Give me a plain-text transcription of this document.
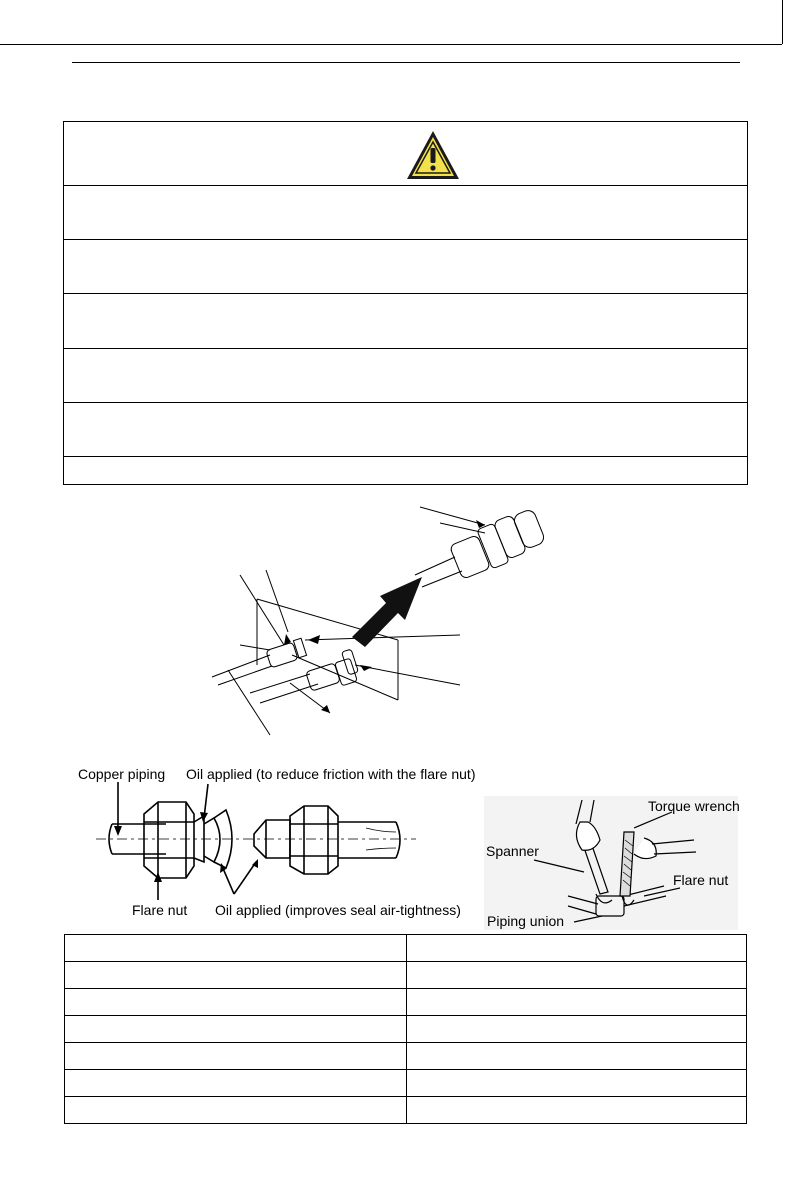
Copper piping Oil applied (to reduce friction with the flare nut)
Flare nut Oil applied (improves seal air-tightness)
Torque wrench
Spanner
Flare nut
Piping union
